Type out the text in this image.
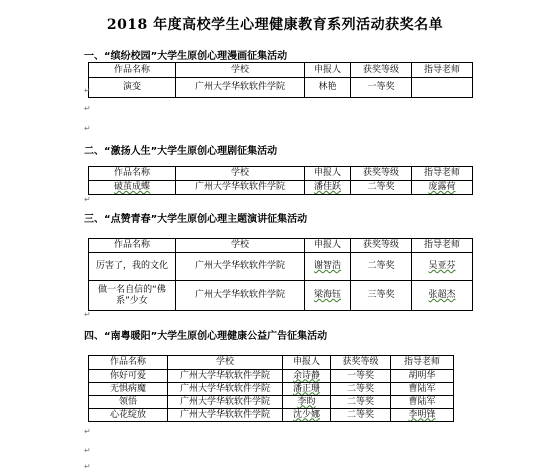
2018 年度高校学生心理健康教育系列活动获奖名单
一、“缤纷校园”大学生原创心理漫画征集活动
作品名称	学校	申报人	获奖等级	指导老师
演变	广州大学华软软件学院	林艳	一等奖	
二、“激扬人生”大学生原创心理剧征集活动
作品名称	学校	申报人	获奖等级	指导老师
破茧成蝶	广州大学华软软件学院	潘佳跃	二等奖	庞露荷
三、“点赞青春”大学生原创心理主题演讲征集活动
作品名称	学校	申报人	获奖等级	指导老师
厉害了，我的文化	广州大学华软软件学院	谢智浩	二等奖	吴亚芬
做一名自信的“佛系”少女	广州大学华软软件学院	梁海钰	三等奖	张超杰
四、“南粤暖阳”大学生原创心理健康公益广告征集活动
作品名称	学校	申报人	获奖等级	指导老师
你好可爱	广州大学华软软件学院	余诗静	一等奖	胡明华
无惧病魔	广州大学华软软件学院	潘正珊	二等奖	曹陆军
领悟	广州大学华软软件学院	李昀	二等奖	曹陆军
心花绽放	广州大学华软软件学院	沈少娜	二等奖	李明锋
↵
↵
↵
↵
↵
↵
↵
↵
